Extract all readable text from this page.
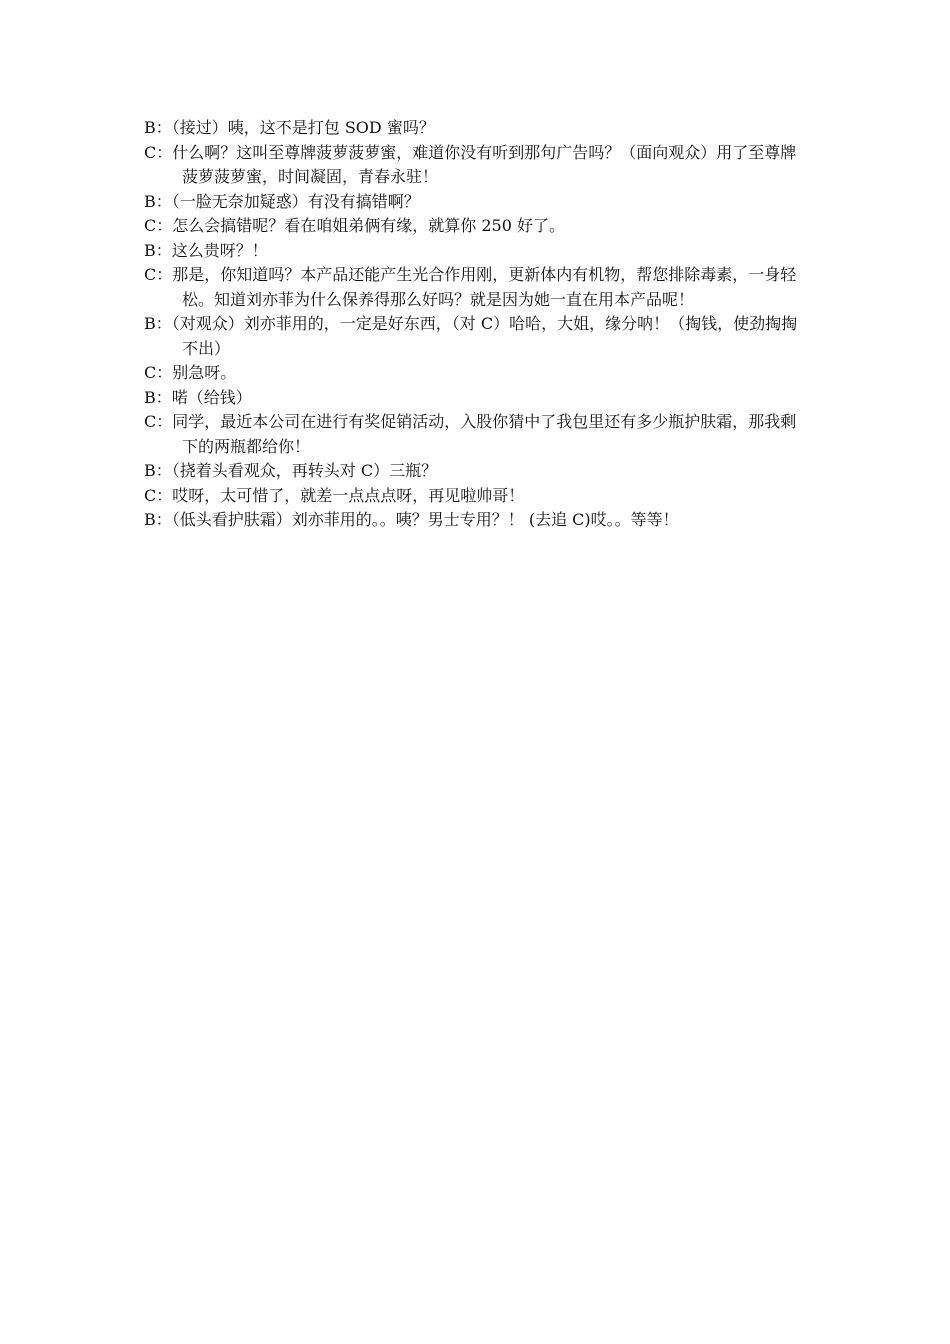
B：（接过）咦，这不是打包 SOD 蜜吗？

C：什么啊？这叫至尊牌菠萝菠萝蜜，难道你没有听到那句广告吗？（面向观众）用了至尊牌菠萝菠萝蜜，时间凝固，青春永驻！

B：（一脸无奈加疑惑）有没有搞错啊？

C：怎么会搞错呢？看在咱姐弟俩有缘，就算你 250 好了。

B：这么贵呀？！

C：那是，你知道吗？本产品还能产生光合作用刚，更新体内有机物，帮您排除毒素，一身轻松。知道刘亦菲为什么保养得那么好吗？就是因为她一直在用本产品呢！

B：（对观众）刘亦菲用的，一定是好东西，（对 C）哈哈，大姐，缘分呐！（掏钱，使劲掏掏不出）

C：别急呀。

B：喏（给钱）

C：同学，最近本公司在进行有奖促销活动，入股你猜中了我包里还有多少瓶护肤霜，那我剩下的两瓶都给你！

B：（挠着头看观众，再转头对 C）三瓶？

C：哎呀，太可惜了，就差一点点点呀，再见啦帅哥！

B：（低头看护肤霜）刘亦菲用的。。咦？男士专用？！ (去追 C)哎。。等等！
